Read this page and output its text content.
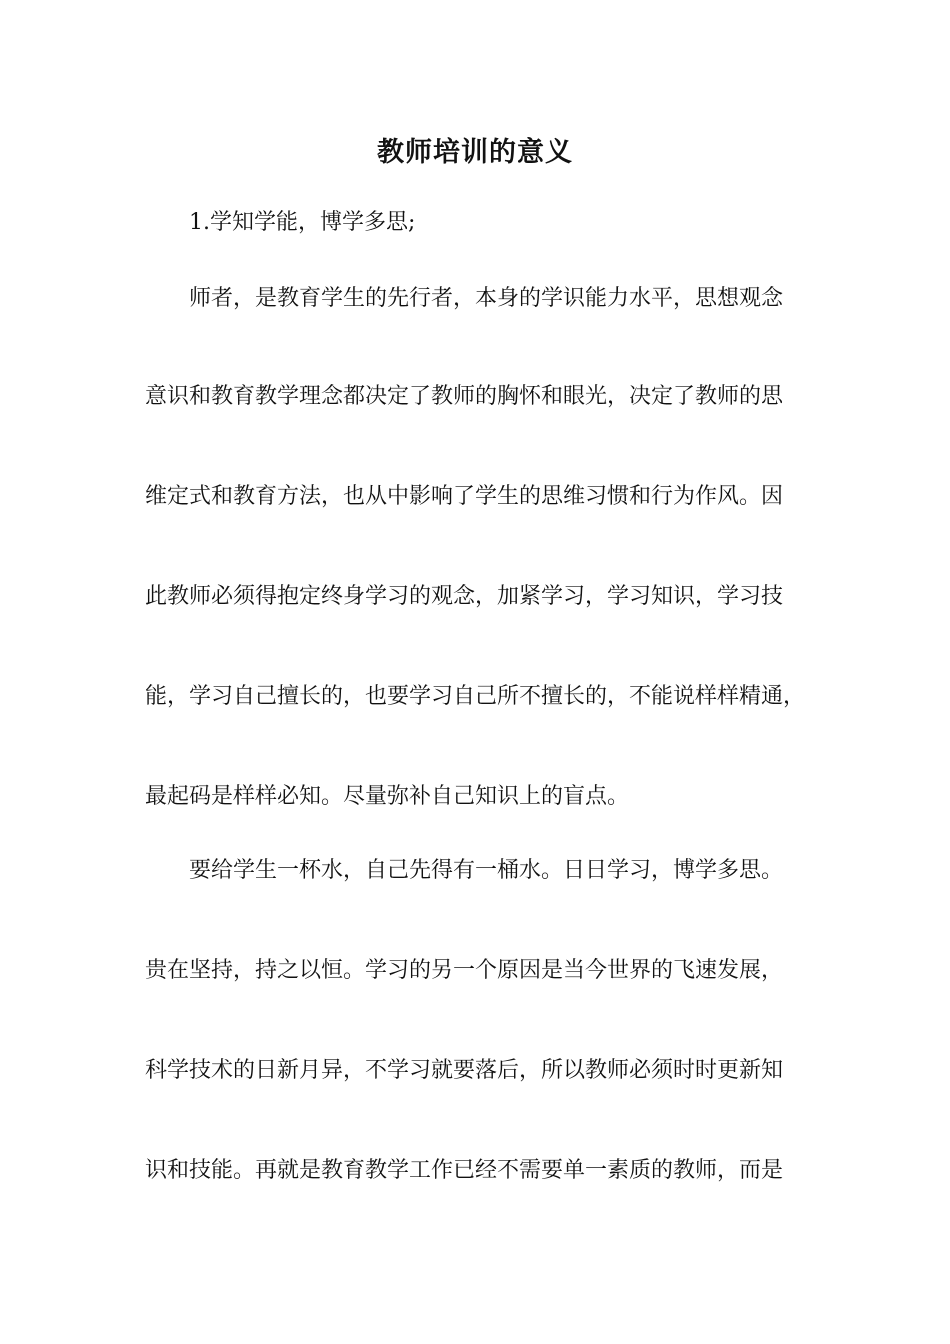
教师培训的意义
1.学知学能，博学多思;
师者，是教育学生的先行者，本身的学识能力水平，思想观念
意识和教育教学理念都决定了教师的胸怀和眼光，决定了教师的思
维定式和教育方法，也从中影响了学生的思维习惯和行为作风。因
此教师必须得抱定终身学习的观念，加紧学习，学习知识，学习技
能，学习自己擅长的，也要学习自己所不擅长的，不能说样样精通，
最起码是样样必知。尽量弥补自己知识上的盲点。
要给学生一杯水，自己先得有一桶水。日日学习，博学多思。
贵在坚持，持之以恒。学习的另一个原因是当今世界的飞速发展，
科学技术的日新月异，不学习就要落后，所以教师必须时时更新知
识和技能。再就是教育教学工作已经不需要单一素质的教师，而是
